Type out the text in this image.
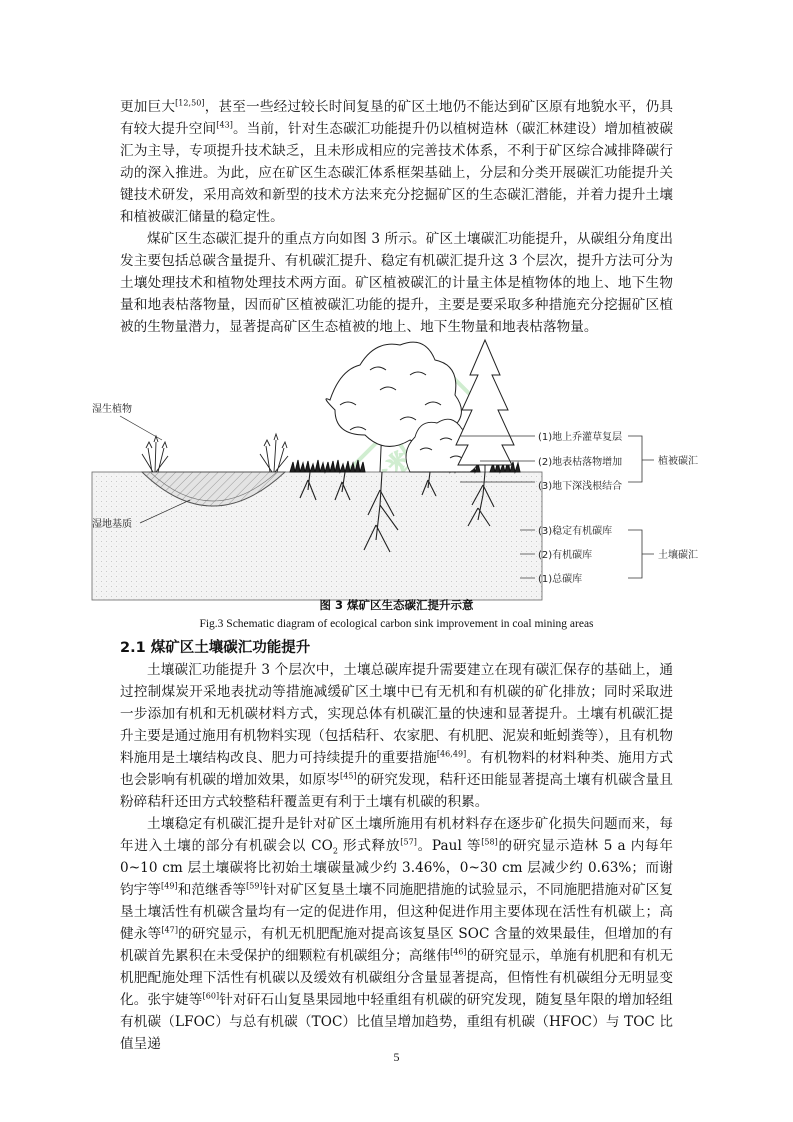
更加巨大[12,50]，甚至一些经过较长时间复垦的矿区土地仍不能达到矿区原有地貌水平，仍具有较大提升空间[43]。当前，针对生态碳汇功能提升仍以植树造林（碳汇林建设）增加植被碳汇为主导，专项提升技术缺乏，且未形成相应的完善技术体系，不利于矿区综合减排降碳行动的深入推进。为此，应在矿区生态碳汇体系框架基础上，分层和分类开展碳汇功能提升关键技术研发，采用高效和新型的技术方法来充分挖掘矿区的生态碳汇潜能，并着力提升土壤和植被碳汇储量的稳定性。

煤矿区生态碳汇提升的重点方向如图 3 所示。矿区土壤碳汇功能提升，从碳组分角度出发主要包括总碳含量提升、有机碳汇提升、稳定有机碳汇提升这 3 个层次，提升方法可分为土壤处理技术和植物处理技术两方面。矿区植被碳汇的计量主体是植物体的地上、地下生物量和地表枯落物量，因而矿区植被碳汇功能的提升，主要是要采取多种措施充分挖掘矿区植被的生物量潜力，显著提高矿区生态植被的地上、地下生物量和地表枯落物量。

湿生植物
湿地基质
(1)地上乔灌草复层
(2)地表枯落物增加
(3)地下深浅根结合
植被碳汇
(3)稳定有机碳库
(2)有机碳库
(1)总碳库
土壤碳汇
图 3 煤矿区生态碳汇提升示意
Fig.3 Schematic diagram of ecological carbon sink improvement in coal mining areas
2.1 煤矿区土壤碳汇功能提升

土壤碳汇功能提升 3 个层次中，土壤总碳库提升需要建立在现有碳汇保存的基础上，通过控制煤炭开采地表扰动等措施减缓矿区土壤中已有无机和有机碳的矿化排放；同时采取进一步添加有机和无机碳材料方式，实现总体有机碳汇量的快速和显著提升。土壤有机碳汇提升主要是通过施用有机物料实现（包括秸秆、农家肥、有机肥、泥炭和蚯蚓粪等），且有机物料施用是土壤结构改良、肥力可持续提升的重要措施[46,49]。有机物料的材料种类、施用方式也会影响有机碳的增加效果，如原岑[45]的研究发现，秸秆还田能显著提高土壤有机碳含量且粉碎秸秆还田方式较整秸秆覆盖更有利于土壤有机碳的积累。

土壤稳定有机碳汇提升是针对矿区土壤所施用有机材料存在逐步矿化损失问题而来，每年进入土壤的部分有机碳会以 $CO_2$ 形式释放[57]。Paul 等[58]的研究显示造林 5 a 内每年 0~10 cm 层土壤碳将比初始土壤碳量减少约 3.46%，0~30 cm 层减少约 0.63%；而谢钧宇等[49]和范继香等[59]针对矿区复垦土壤不同施肥措施的试验显示，不同施肥措施对矿区复垦土壤活性有机碳含量均有一定的促进作用，但这种促进作用主要体现在活性有机碳上；高健永等[47]的研究显示，有机无机肥配施对提高该复垦区 SOC 含量的效果最佳，但增加的有机碳首先累积在未受保护的细颗粒有机碳组分；高继伟[46]的研究显示，单施有机肥和有机无机肥配施处理下活性有机碳以及缓效有机碳组分含量显著提高，但惰性有机碳组分无明显变化。张宇婕等[60]针对矸石山复垦果园地中轻重组有机碳的研究发现，随复垦年限的增加轻组有机碳（LFOC）与总有机碳（TOC）比值呈增加趋势，重组有机碳（HFOC）与 TOC 比值呈递

5
